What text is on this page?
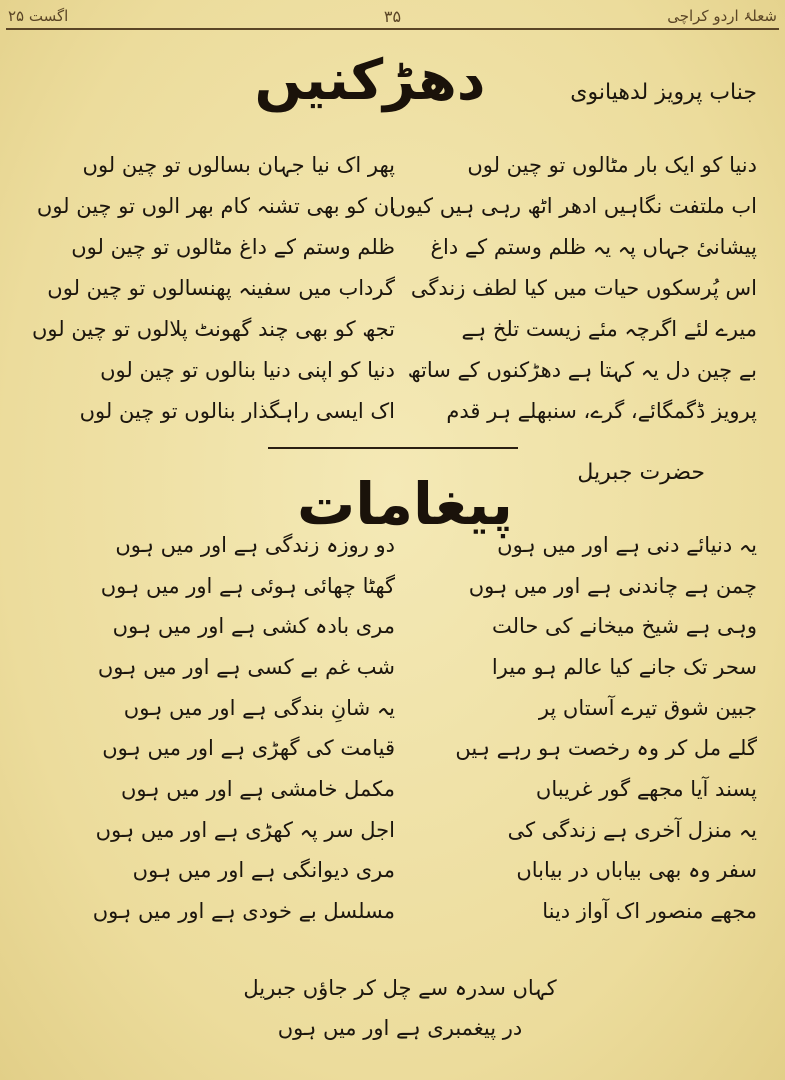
اگست ۲۵	۳۵	شعلۂ اردو کراچی
دھڑکنیں	جناب پرویز لدھیانوی
دنیا کو ایک بار مٹالوں تو چین لوں
اب ملتفت نگاہیں ادھر اٹھ رہی ہیں کیوں
پیشانیٔ جہاں پہ یہ ظلم وستم کے داغ
اس پُرسکوں حیات میں کیا لطف زندگی
میرے لئے اگرچہ مئے زیست تلخ ہے
بے چین دل یہ کہتا ہے دھڑکنوں کے ساتھ
پرویز ڈگمگائے، گرے، سنبھلے ہر قدم
پھر اک نیا جہان بسالوں تو چین لوں
ان کو بھی تشنہ کام بھر الوں تو چین لوں
ظلم وستم کے داغ مٹالوں تو چین لوں
گرداب میں سفینہ پھنسالوں تو چین لوں
تجھ کو بھی چند گھونٹ پلالوں تو چین لوں
دنیا کو اپنی دنیا بنالوں تو چین لوں
اک ایسی راہگذار بنالوں تو چین لوں
پیغامات	حضرت جبریل
یہ دنیائے دنی ہے اور میں ہوں
چمن ہے چاندنی ہے اور میں ہوں
وہی ہے شیخ میخانے کی حالت
سحر تک جانے کیا عالم ہو میرا
جبین شوق تیرے آستاں پر
گلے مل کر وہ رخصت ہو رہے ہیں
پسند آیا مجھے گور غریباں
یہ منزل آخری ہے زندگی کی
سفر وہ بھی بیاباں در بیاباں
مجھے منصور اک آواز دینا
دو روزہ زندگی ہے اور میں ہوں
گھٹا چھائی ہوئی ہے اور میں ہوں
مری بادہ کشی ہے اور میں ہوں
شب غم بے کسی ہے اور میں ہوں
یہ شانِ بندگی ہے اور میں ہوں
قیامت کی گھڑی ہے اور میں ہوں
مکمل خامشی ہے اور میں ہوں
اجل سر پہ کھڑی ہے اور میں ہوں
مری دیوانگی ہے اور میں ہوں
مسلسل بے خودی ہے اور میں ہوں
کہاں سدرہ سے چل کر جاؤں جبریل
در پیغمبری ہے اور میں ہوں
